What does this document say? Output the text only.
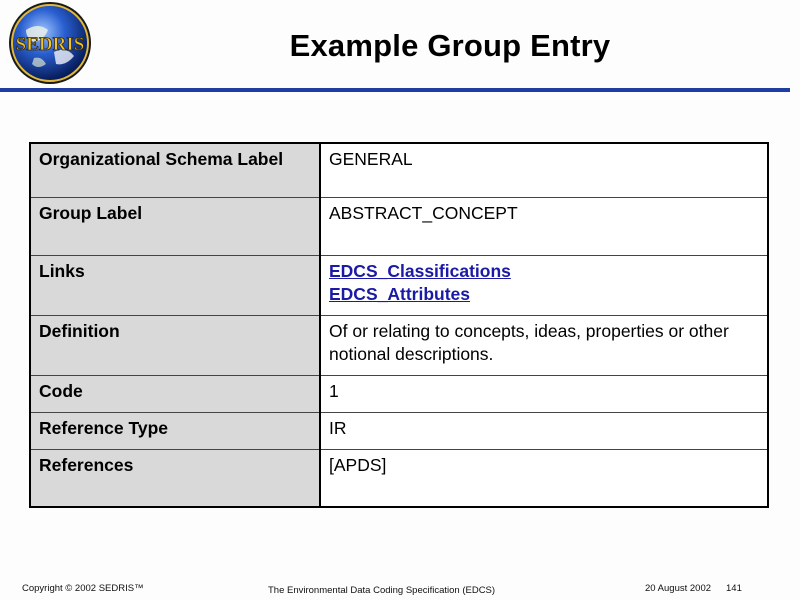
SEDRIS	Example Group Entry
Organizational Schema Label	GENERAL
Group Label	ABSTRACT_CONCEPT
Links	EDCS_Classifications
EDCS_Attributes

Definition	Of or relating to concepts, ideas, properties or other notional descriptions.
Code	1
Reference Type	IR
References	[APDS]
Copyright © 2002 SEDRIS™	The Environmental Data Coding Specification (EDCS)	20 August 2002 141
